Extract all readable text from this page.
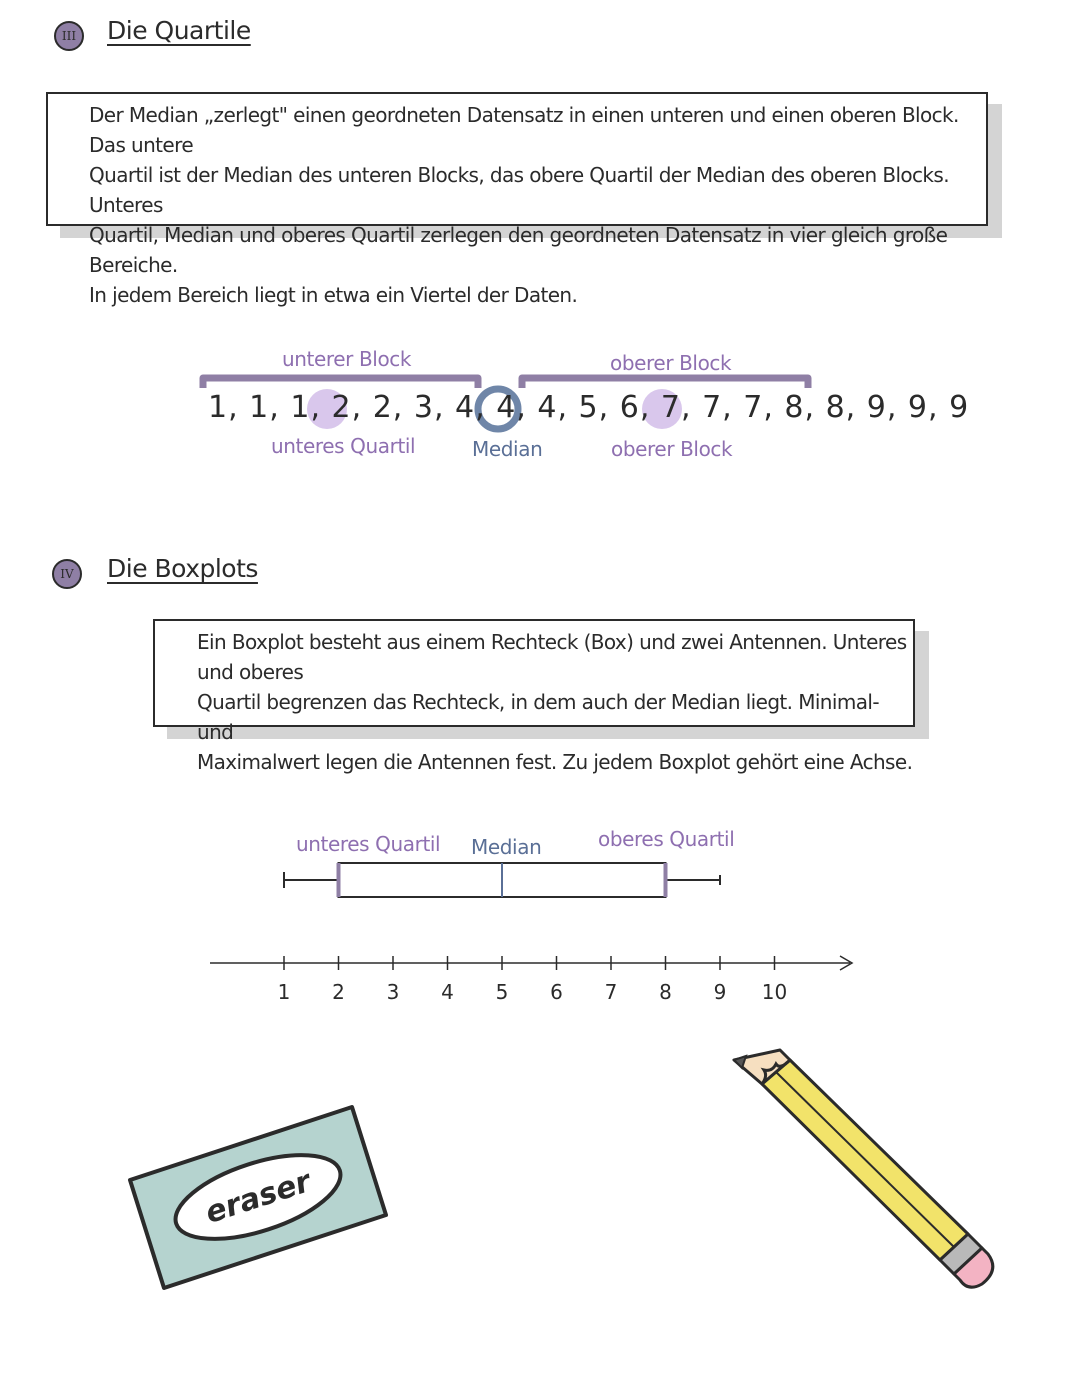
III	Die Quartile

Der Median „zerlegt" einen geordneten Datensatz in einen unteren und einen oberen Block. Das untere

Quartil ist der Median des unteren Blocks, das obere Quartil der Median des oberen Blocks. Unteres

Quartil, Median und oberes Quartil zerlegen den geordneten Datensatz in vier gleich große Bereiche.

In jedem Bereich liegt in etwa ein Viertel der Daten.

unterer Block	oberer Block
1, 1, 1, 2, 2, 3, 4, 4, 4, 5, 6, 7, 7, 7, 8, 8, 9, 9, 9
unteres Quartil	Median	oberer Block
IV	Die Boxplots

Ein Boxplot besteht aus einem Rechteck (Box) und zwei Antennen. Unteres und oberes

Quartil begrenzen das Rechteck, in dem auch der Median liegt. Minimal- und

Maximalwert legen die Antennen fest. Zu jedem Boxplot gehört eine Achse.

unteres Quartil Median	oberes Quartil
1 2 3 4 5 6 7 8 9 10
eraser
